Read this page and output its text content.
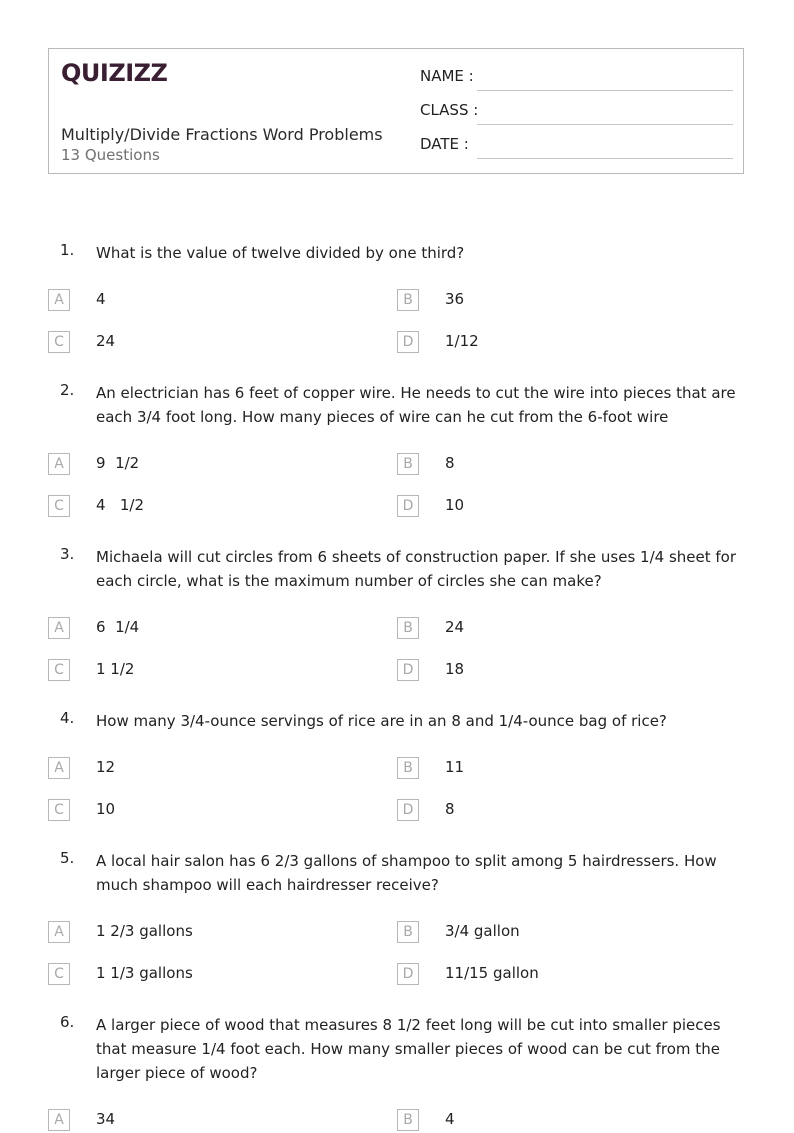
QUIZIZZ
Multiply/Divide Fractions Word Problems
13 Questions
NAME :
CLASS :
DATE :
1. What is the value of twelve divided by one third?
A	4	B	36
C	24	D	1/12
2. An electrician has 6 feet of copper wire. He needs to cut the wire into pieces that are each 3/4 foot long. How many pieces of wire can he cut from the 6-foot wire
A	9  1/2	B	8
C	4   1/2	D	10
3. Michaela will cut circles from 6 sheets of construction paper. If she uses 1/4 sheet for each circle, what is the maximum number of circles she can make?
A	6  1/4	B	24
C	1 1/2	D	18
4. How many 3/4-ounce servings of rice are in an 8 and 1/4-ounce bag of rice?
A	12	B	11
C	10	D	8
5. A local hair salon has 6 2/3 gallons of shampoo to split among 5 hairdressers. How much shampoo will each hairdresser receive?
A	1 2/3 gallons	B	3/4 gallon
C	1 1/3 gallons	D	11/15 gallon
6. A larger piece of wood that measures 8 1/2 feet long will be cut into smaller pieces that measure 1/4 foot each. How many smaller pieces of wood can be cut from the larger piece of wood?
A	34	B	4
